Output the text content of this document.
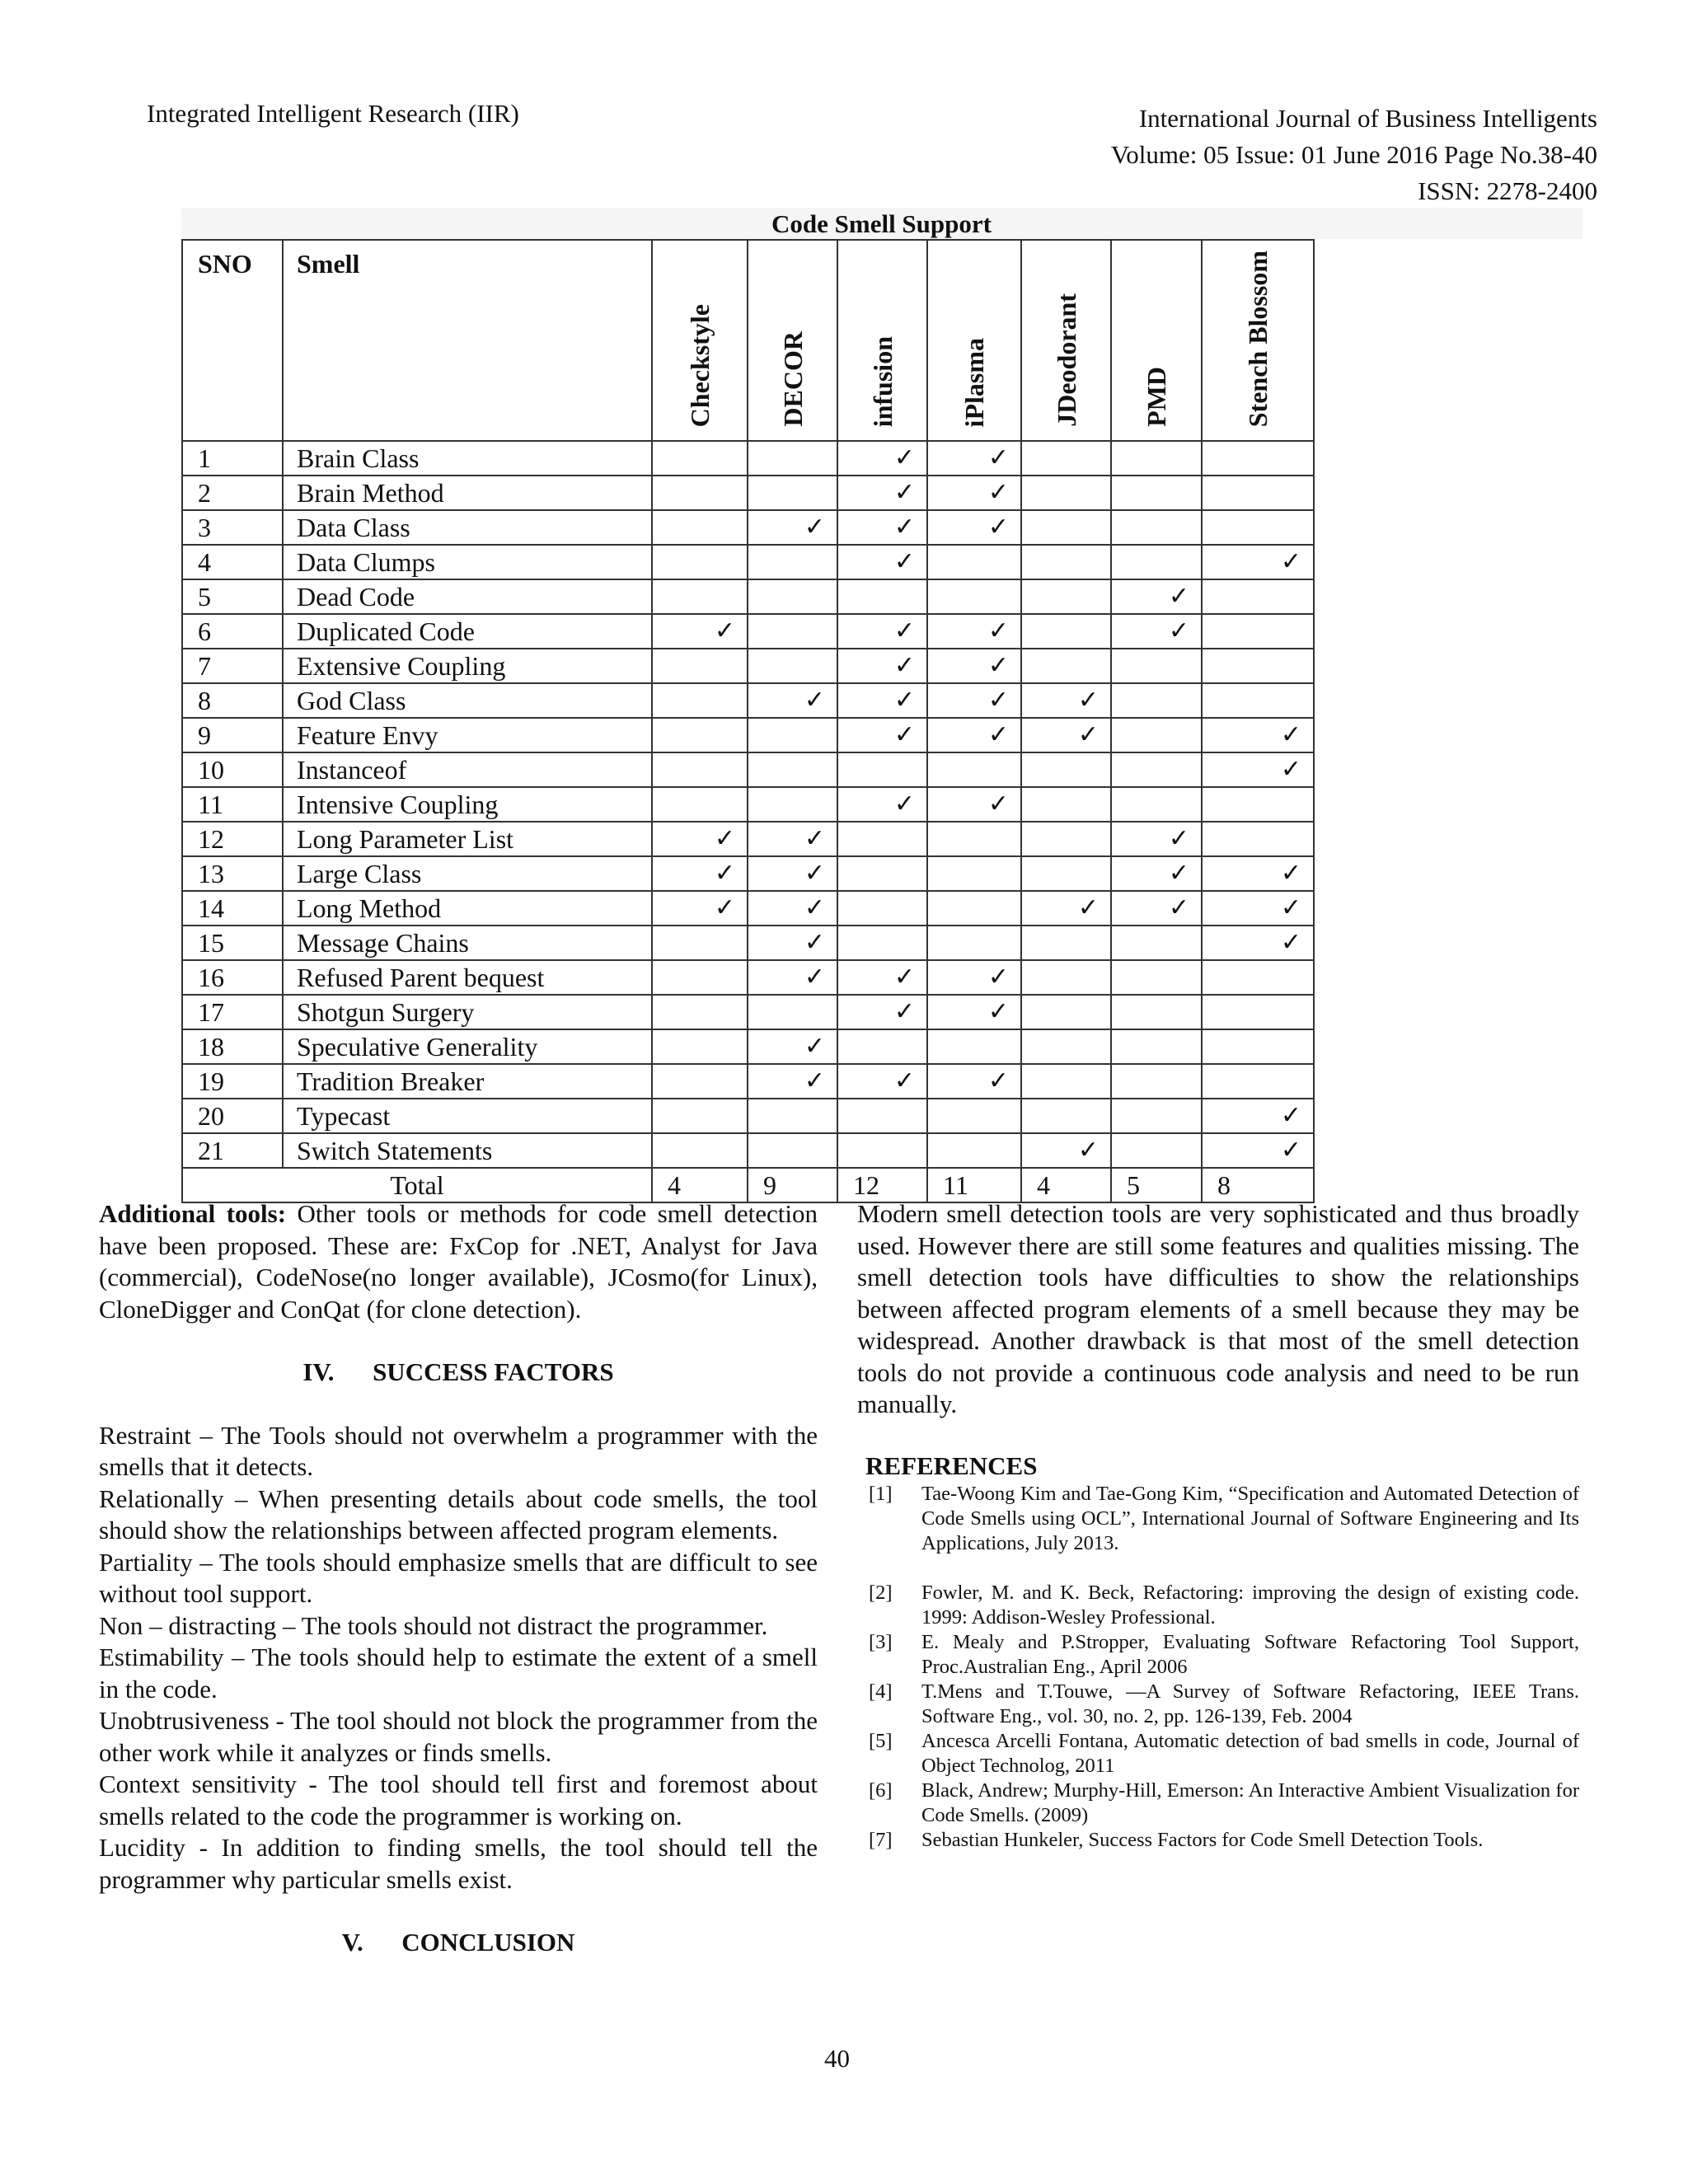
Integrated Intelligent Research (IIR)	International Journal of Business Intelligents
Volume: 05 Issue: 01 June 2016 Page No.38-40
ISSN: 2278-2400
Code Smell Support
SNO	Smell	Checkstyle	DECOR	infusion	iPlasma	JDeodorant	PMD	Stench Blossom

1	Brain Class			✓	✓			
2	Brain Method			✓	✓			
3	Data Class		✓	✓	✓			
4	Data Clumps			✓				✓
5	Dead Code						✓	
6	Duplicated Code	✓		✓	✓		✓	
7	Extensive Coupling			✓	✓			
8	God Class		✓	✓	✓	✓		
9	Feature Envy			✓	✓	✓		✓
10	Instanceof							✓
11	Intensive Coupling			✓	✓			
12	Long Parameter List	✓	✓				✓	
13	Large Class	✓	✓				✓	✓
14	Long Method	✓	✓			✓	✓	✓
15	Message Chains		✓					✓
16	Refused Parent bequest		✓	✓	✓			
17	Shotgun Surgery			✓	✓			
18	Speculative Generality		✓					
19	Tradition Breaker		✓	✓	✓			
20	Typecast							✓
21	Switch Statements					✓		✓
Total		4	9	12	11	4	5	8

Additional tools: Other tools or methods for code smell detection have been proposed. These are: FxCop for .NET, Analyst for Java (commercial), CodeNose(no longer available), JCosmo(for Linux), CloneDigger and ConQat (for clone detection).

IV. SUCCESS FACTORS

Restraint – The Tools should not overwhelm a programmer with the smells that it detects.

Relationally – When presenting details about code smells, the tool should show the relationships between affected program elements.

Partiality – The tools should emphasize smells that are difficult to see without tool support.

Non – distracting – The tools should not distract the programmer.

Estimability – The tools should help to estimate the extent of a smell in the code.

Unobtrusiveness - The tool should not block the programmer from the other work while it analyzes or finds smells.

Context sensitivity - The tool should tell first and foremost about smells related to the code the programmer is working on.

Lucidity - In addition to finding smells, the tool should tell the programmer why particular smells exist.

V. CONCLUSION

Modern smell detection tools are very sophisticated and thus broadly used. However there are still some features and qualities missing. The smell detection tools have difficulties to show the relationships between affected program elements of a smell because they may be widespread. Another drawback is that most of the smell detection tools do not provide a continuous code analysis and need to be run manually.

REFERENCES
[1]	Tae-Woong Kim and Tae-Gong Kim, “Specification and Automated Detection of Code Smells using OCL”, International Journal of Software Engineering and Its Applications, July 2013.
[2]	Fowler, M. and K. Beck, Refactoring: improving the design of existing code. 1999: Addison-Wesley Professional.
[3]	E. Mealy and P.Stropper, Evaluating Software Refactoring Tool Support, Proc.Australian Eng., April 2006
[4]	T.Mens and T.Touwe, ―A Survey of Software Refactoring, IEEE Trans. Software Eng., vol. 30, no. 2, pp. 126-139, Feb. 2004
[5]	Ancesca Arcelli Fontana, Automatic detection of bad smells in code, Journal of Object Technolog, 2011
[6]	Black, Andrew; Murphy-Hill, Emerson: An Interactive Ambient Visualization for Code Smells. (2009)
[7]	Sebastian Hunkeler, Success Factors for Code Smell Detection Tools.
40
